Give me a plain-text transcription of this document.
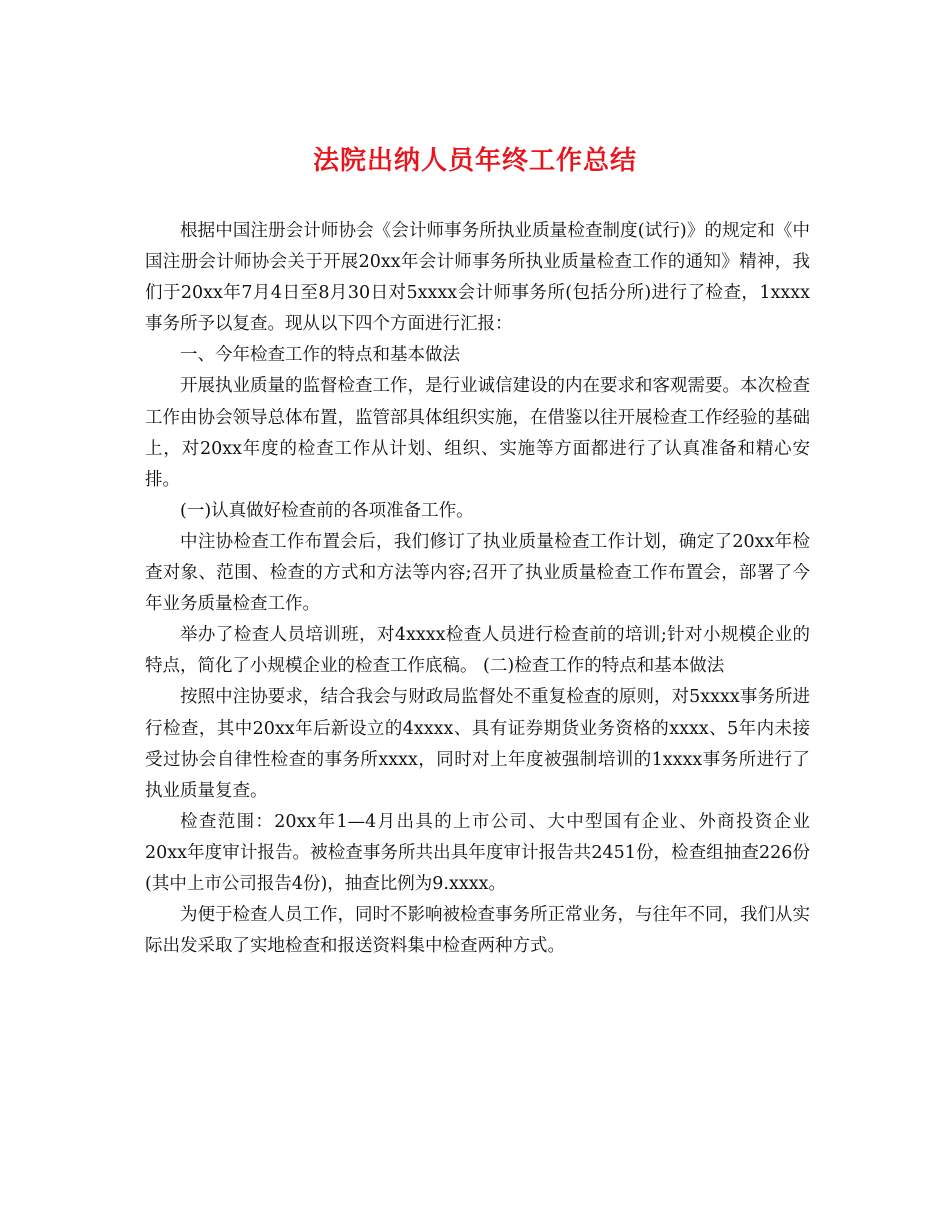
法院出纳人员年终工作总结

根据中国注册会计师协会《会计师事务所执业质量检查制度(试行)》的规定和《中国注册会计师协会关于开展20xx年会计师事务所执业质量检查工作的通知》精神，我们于20xx年7月4日至8月30日对5xxxx会计师事务所(包括分所)进行了检查，1xxxx事务所予以复查。现从以下四个方面进行汇报：

一、今年检查工作的特点和基本做法

开展执业质量的监督检查工作，是行业诚信建设的内在要求和客观需要。本次检查工作由协会领导总体布置，监管部具体组织实施，在借鉴以往开展检查工作经验的基础上，对20xx年度的检查工作从计划、组织、实施等方面都进行了认真准备和精心安排。

(一)认真做好检查前的各项准备工作。

中注协检查工作布置会后，我们修订了执业质量检查工作计划，确定了20xx年检查对象、范围、检查的方式和方法等内容;召开了执业质量检查工作布置会，部署了今年业务质量检查工作。

举办了检查人员培训班，对4xxxx检查人员进行检查前的培训;针对小规模企业的特点，简化了小规模企业的检查工作底稿。 (二)检查工作的特点和基本做法

按照中注协要求，结合我会与财政局监督处不重复检查的原则，对5xxxx事务所进行检查，其中20xx年后新设立的4xxxx、具有证券期货业务资格的xxxx、5年内未接受过协会自律性检查的事务所xxxx，同时对上年度被强制培训的1xxxx事务所进行了执业质量复查。

检查范围：20xx年1—4月出具的上市公司、大中型国有企业、外商投资企业20xx年度审计报告。被检查事务所共出具年度审计报告共2451份，检查组抽查226份(其中上市公司报告4份)，抽查比例为9.xxxx。

为便于检查人员工作，同时不影响被检查事务所正常业务，与往年不同，我们从实际出发采取了实地检查和报送资料集中检查两种方式。
